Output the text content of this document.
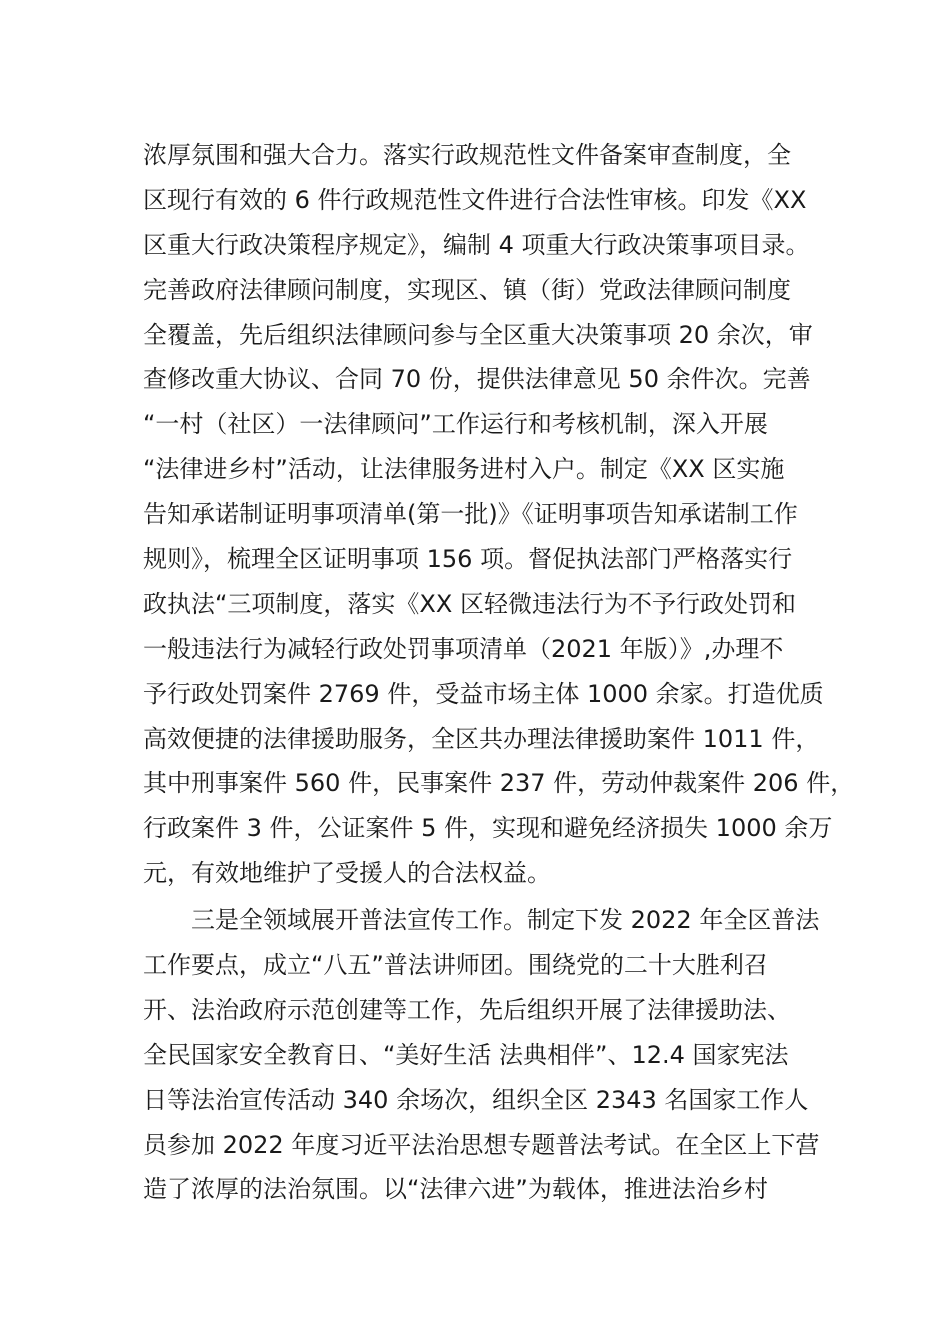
浓厚氛围和强大合力。落实行政规范性文件备案审查制度，全
区现行有效的 6 件行政规范性文件进行合法性审核。印发《XX
区重大行政决策程序规定》，编制 4 项重大行政决策事项目录。
完善政府法律顾问制度，实现区、镇（街）党政法律顾问制度
全覆盖，先后组织法律顾问参与全区重大决策事项 20 余次，审
查修改重大协议、合同 70 份，提供法律意见 50 余件次。完善
“一村（社区）一法律顾问”工作运行和考核机制，深入开展
“法律进乡村”活动，让法律服务进村入户。制定《XX 区实施
告知承诺制证明事项清单(第一批)》《证明事项告知承诺制工作
规则》，梳理全区证明事项 156 项。督促执法部门严格落实行
政执法“三项制度，落实《XX 区轻微违法行为不予行政处罚和
一般违法行为减轻行政处罚事项清单（2021 年版）》,办理不
予行政处罚案件 2769 件，受益市场主体 1000 余家。打造优质
高效便捷的法律援助服务，全区共办理法律援助案件 1011 件，
其中刑事案件 560 件，民事案件 237 件，劳动仲裁案件 206 件，
行政案件 3 件，公证案件 5 件，实现和避免经济损失 1000 余万
元，有效地维护了受援人的合法权益。
三是全领域展开普法宣传工作。制定下发 2022 年全区普法
工作要点，成立“八五”普法讲师团。围绕党的二十大胜利召
开、法治政府示范创建等工作，先后组织开展了法律援助法、
全民国家安全教育日、“美好生活 法典相伴”、12.4 国家宪法
日等法治宣传活动 340 余场次，组织全区 2343 名国家工作人
员参加 2022 年度习近平法治思想专题普法考试。在全区上下营
造了浓厚的法治氛围。以“法律六进”为载体，推进法治乡村
